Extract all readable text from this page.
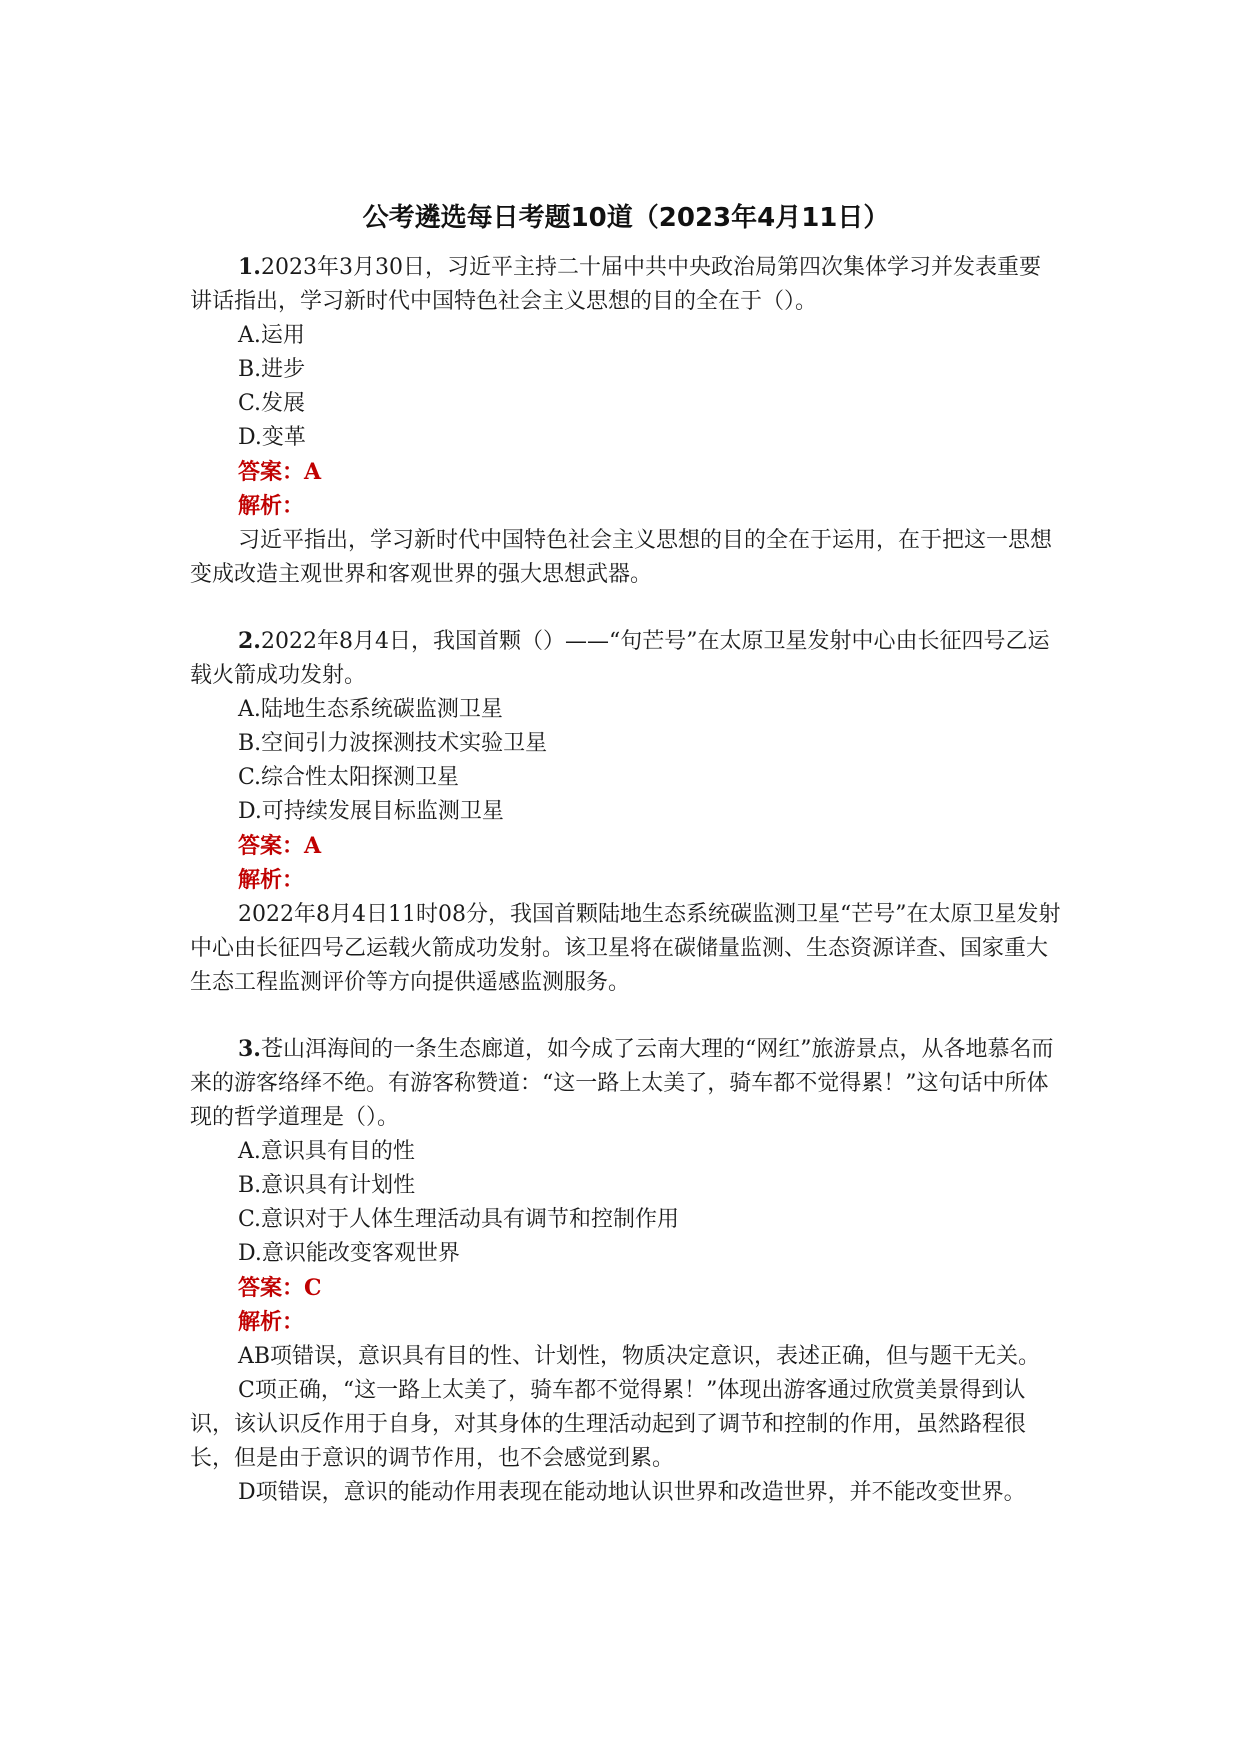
公考遴选每日考题10道（2023年4月11日）

1.2023年3月30日，习近平主持二十届中共中央政治局第四次集体学习并发表重要讲话指出，学习新时代中国特色社会主义思想的目的全在于（）。

A.运用
B.进步
C.发展
D.变革
答案：A
解析：

习近平指出，学习新时代中国特色社会主义思想的目的全在于运用，在于把这一思想变成改造主观世界和客观世界的强大思想武器。

2.2022年8月4日，我国首颗（）——“句芒号”在太原卫星发射中心由长征四号乙运载火箭成功发射。

A.陆地生态系统碳监测卫星
B.空间引力波探测技术实验卫星
C.综合性太阳探测卫星
D.可持续发展目标监测卫星
答案：A
解析：

2022年8月4日11时08分，我国首颗陆地生态系统碳监测卫星“芒号”在太原卫星发射中心由长征四号乙运载火箭成功发射。该卫星将在碳储量监测、生态资源详查、国家重大生态工程监测评价等方向提供遥感监测服务。

3.苍山洱海间的一条生态廊道，如今成了云南大理的“网红”旅游景点，从各地慕名而来的游客络绎不绝。有游客称赞道：“这一路上太美了，骑车都不觉得累！”这句话中所体现的哲学道理是（）。

A.意识具有目的性
B.意识具有计划性
C.意识对于人体生理活动具有调节和控制作用
D.意识能改变客观世界
答案：C
解析：

AB项错误，意识具有目的性、计划性，物质决定意识，表述正确，但与题干无关。

C项正确，“这一路上太美了，骑车都不觉得累！”体现出游客通过欣赏美景得到认识，该认识反作用于自身，对其身体的生理活动起到了调节和控制的作用，虽然路程很长，但是由于意识的调节作用，也不会感觉到累。

D项错误，意识的能动作用表现在能动地认识世界和改造世界，并不能改变世界。
